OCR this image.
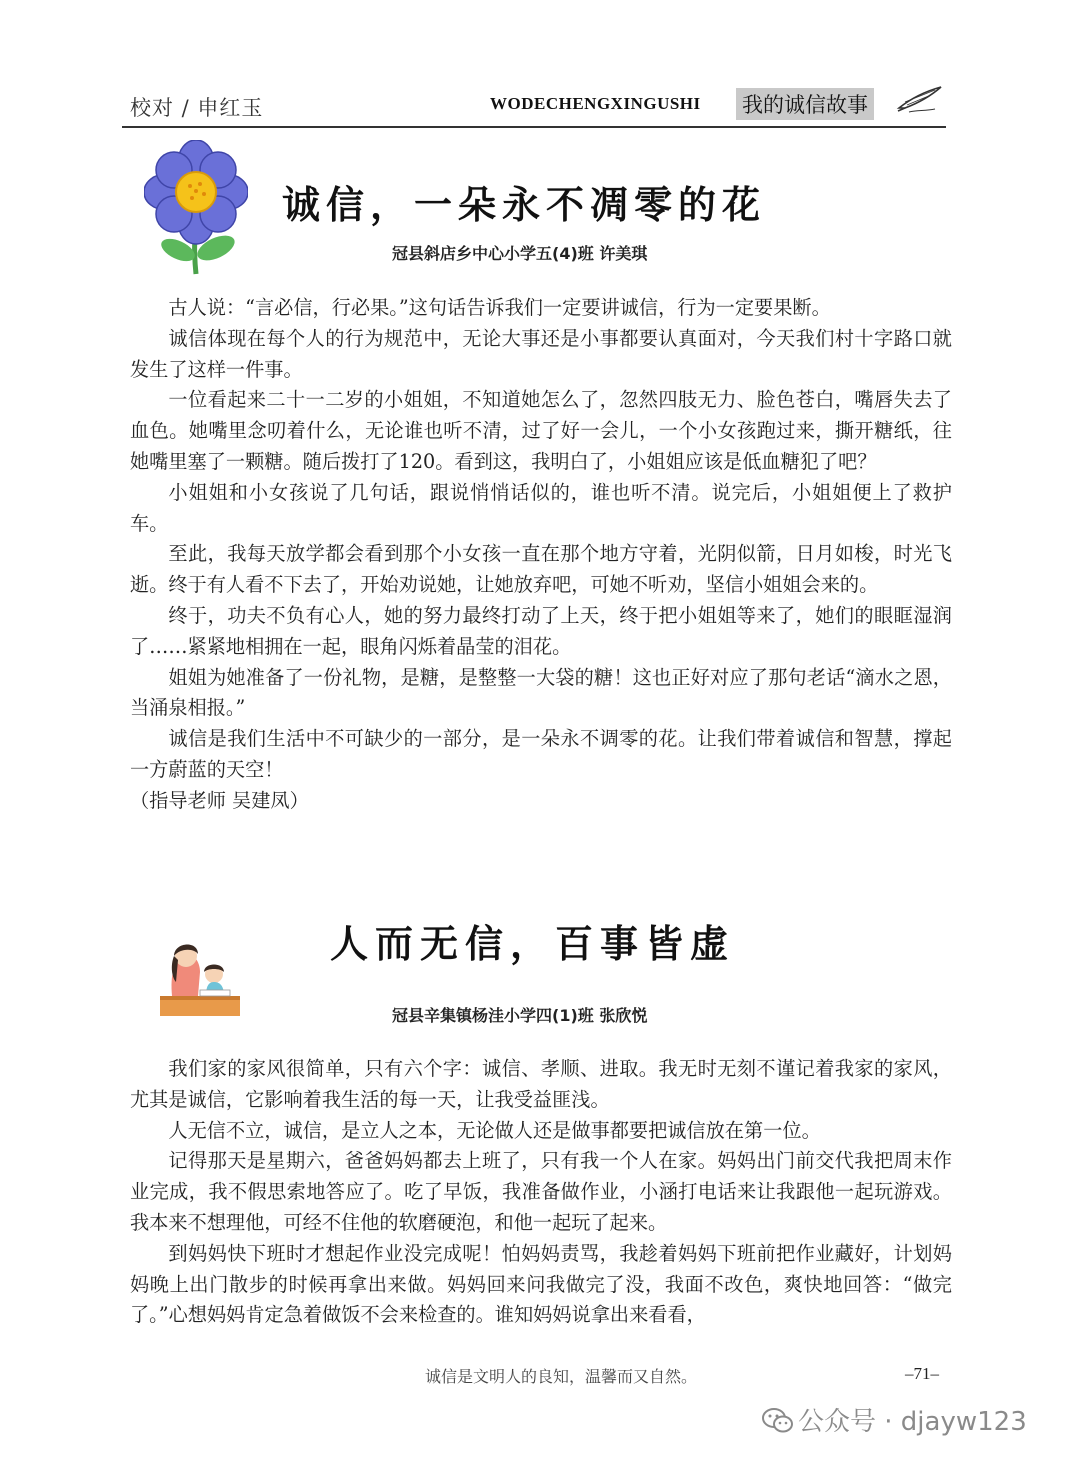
校对 / 申红玉	WODECHENGXINGUSHI 我的诚信故事
诚信，一朵永不凋零的花
冠县斜店乡中心小学五(4)班 许美琪

古人说：“言必信，行必果。”这句话告诉我们一定要讲诚信，行为一定要果断。

诚信体现在每个人的行为规范中，无论大事还是小事都要认真面对，今天我们村十字路口就发生了这样一件事。

一位看起来二十一二岁的小姐姐，不知道她怎么了，忽然四肢无力、脸色苍白，嘴唇失去了血色。她嘴里念叨着什么，无论谁也听不清，过了好一会儿，一个小女孩跑过来，撕开糖纸，往她嘴里塞了一颗糖。随后拨打了120。看到这，我明白了，小姐姐应该是低血糖犯了吧？

小姐姐和小女孩说了几句话，跟说悄悄话似的，谁也听不清。说完后，小姐姐便上了救护车。

至此，我每天放学都会看到那个小女孩一直在那个地方守着，光阴似箭，日月如梭，时光飞逝。终于有人看不下去了，开始劝说她，让她放弃吧，可她不听劝，坚信小姐姐会来的。

终于，功夫不负有心人，她的努力最终打动了上天，终于把小姐姐等来了，她们的眼眶湿润了……紧紧地相拥在一起，眼角闪烁着晶莹的泪花。

姐姐为她准备了一份礼物，是糖，是整整一大袋的糖！这也正好对应了那句老话“滴水之恩，当涌泉相报。”

诚信是我们生活中不可缺少的一部分，是一朵永不调零的花。让我们带着诚信和智慧，撑起一方蔚蓝的天空！

（指导老师 吴建凤）

人而无信，百事皆虚
冠县辛集镇杨洼小学四(1)班 张欣悦

我们家的家风很简单，只有六个字：诚信、孝顺、进取。我无时无刻不谨记着我家的家风，尤其是诚信，它影响着我生活的每一天，让我受益匪浅。

人无信不立，诚信，是立人之本，无论做人还是做事都要把诚信放在第一位。

记得那天是星期六，爸爸妈妈都去上班了，只有我一个人在家。妈妈出门前交代我把周末作业完成，我不假思索地答应了。吃了早饭，我准备做作业，小涵打电话来让我跟他一起玩游戏。我本来不想理他，可经不住他的软磨硬泡，和他一起玩了起来。

到妈妈快下班时才想起作业没完成呢！怕妈妈责骂，我趁着妈妈下班前把作业藏好，计划妈妈晚上出门散步的时候再拿出来做。妈妈回来问我做完了没，我面不改色，爽快地回答：“做完了。”心想妈妈肯定急着做饭不会来检查的。谁知妈妈说拿出来看看，

诚信是文明人的良知，温馨而又自然。	–71–
公众号 · djayw123
